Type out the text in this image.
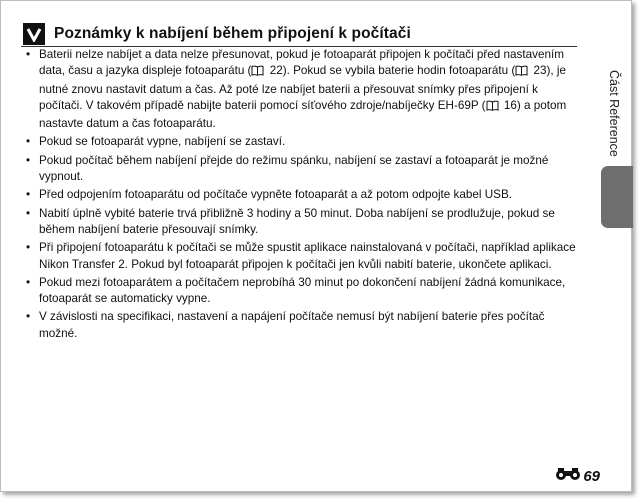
Poznámky k nabíjení během připojení k počítači
• Baterii nelze nabíjet a data nelze přesunovat, pokud je fotoaparát připojen k počítači před nastavením data, času a jazyka displeje fotoaparátu ( 22). Pokud se vybila baterie hodin fotoaparátu ( 23), je nutné znovu nastavit datum a čas. Až poté lze nabíjet baterii a přesouvat snímky přes připojení k počítači. V takovém případě nabijte baterii pomocí síťového zdroje/nabíječky EH-69P ( 16) a potom nastavte datum a čas fotoaparátu.
• Pokud se fotoaparát vypne, nabíjení se zastaví.
• Pokud počítač během nabíjení přejde do režimu spánku, nabíjení se zastaví a fotoaparát je možné vypnout.
• Před odpojením fotoaparátu od počítače vypněte fotoaparát a až potom odpojte kabel USB.
• Nabití úplně vybité baterie trvá přibližně 3 hodiny a 50 minut. Doba nabíjení se prodlužuje, pokud se během nabíjení baterie přesouvají snímky.
• Při připojení fotoaparátu k počítači se může spustit aplikace nainstalovaná v počítači, například aplikace Nikon Transfer 2. Pokud byl fotoaparát připojen k počítači jen kvůli nabití baterie, ukončete aplikaci.
• Pokud mezi fotoaparátem a počítačem neprobíhá 30 minut po dokončení nabíjení žádná komunikace, fotoaparát se automaticky vypne.
• V závislosti na specifikaci, nastavení a napájení počítače nemusí být nabíjení baterie přes počítač možné.
Část Reference
69
